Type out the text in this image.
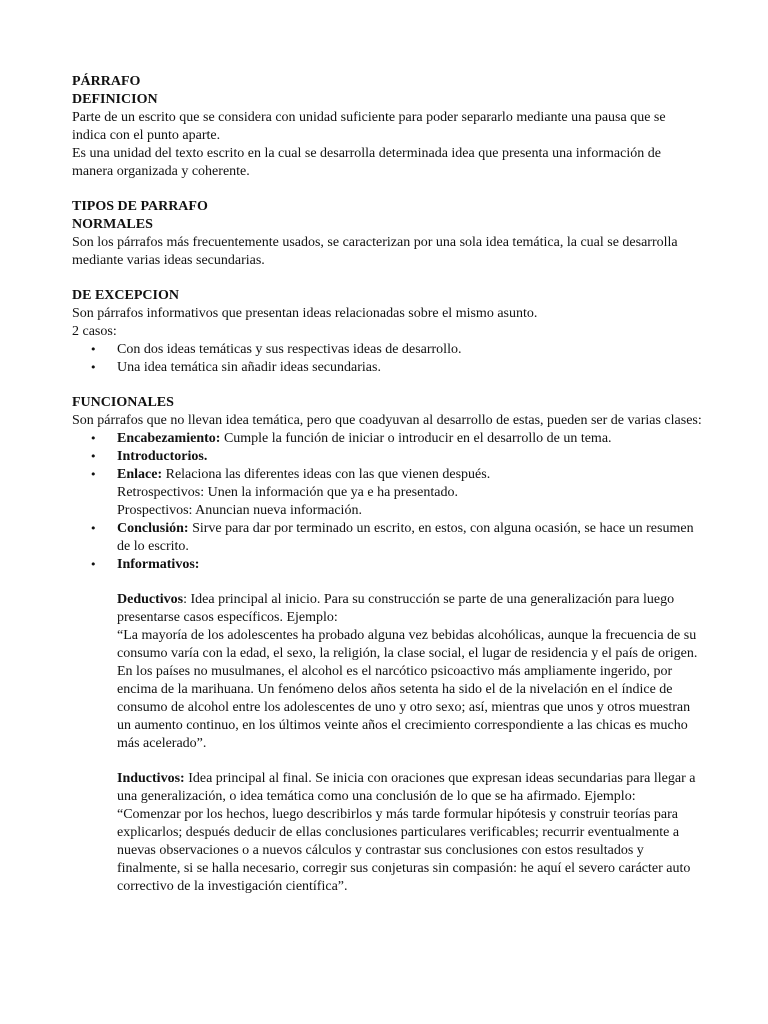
PÁRRAFO

DEFINICION

Parte de un escrito que se considera con unidad suficiente para poder separarlo mediante una pausa que se indica con el punto aparte.

Es una unidad del texto escrito en la cual se desarrolla determinada idea que presenta una información de manera organizada y coherente.

TIPOS DE PARRAFO

NORMALES

Son los párrafos más frecuentemente usados, se caracterizan por una sola idea temática, la cual se desarrolla mediante varias ideas secundarias.

DE EXCEPCION

Son párrafos informativos que presentan ideas relacionadas sobre el mismo asunto.

2 casos:

• Con dos ideas temáticas y sus respectivas ideas de desarrollo.
• Una idea temática sin añadir ideas secundarias.

FUNCIONALES

Son párrafos que no llevan idea temática, pero que coadyuvan al desarrollo de estas, pueden ser de varias clases:

• Encabezamiento: Cumple la función de iniciar o introducir en el desarrollo de un tema.
• Introductorios.
• Enlace: Relaciona las diferentes ideas con las que vienen después.
Retrospectivos: Unen la información que ya e ha presentado.
Prospectivos: Anuncian nueva información.
• Conclusión: Sirve para dar por terminado un escrito, en estos, con alguna ocasión, se hace un resumen de lo escrito.
• Informativos:

Deductivos: Idea principal al inicio. Para su construcción se parte de una generalización para luego presentarse casos específicos. Ejemplo:

“La mayoría de los adolescentes ha probado alguna vez bebidas alcohólicas, aunque la frecuencia de su consumo varía con la edad, el sexo, la religión, la clase social, el lugar de residencia y el país de origen. En los países no musulmanes, el alcohol es el narcótico psicoactivo más ampliamente ingerido, por encima de la marihuana. Un fenómeno delos años setenta ha sido el de la nivelación en el índice de consumo de alcohol entre los adolescentes de uno y otro sexo; así, mientras que unos y otros muestran un aumento continuo, en los últimos veinte años el crecimiento correspondiente a las chicas es mucho más acelerado”.

Inductivos: Idea principal al final. Se inicia con oraciones que expresan ideas secundarias para llegar a una generalización, o idea temática como una conclusión de lo que se ha afirmado. Ejemplo:

“Comenzar por los hechos, luego describirlos y más tarde formular hipótesis y construir teorías para explicarlos; después deducir de ellas conclusiones particulares verificables; recurrir eventualmente a nuevas observaciones o a nuevos cálculos y contrastar sus conclusiones con estos resultados y finalmente, si se halla necesario, corregir sus conjeturas sin compasión: he aquí el severo carácter auto correctivo de la investigación científica”.
